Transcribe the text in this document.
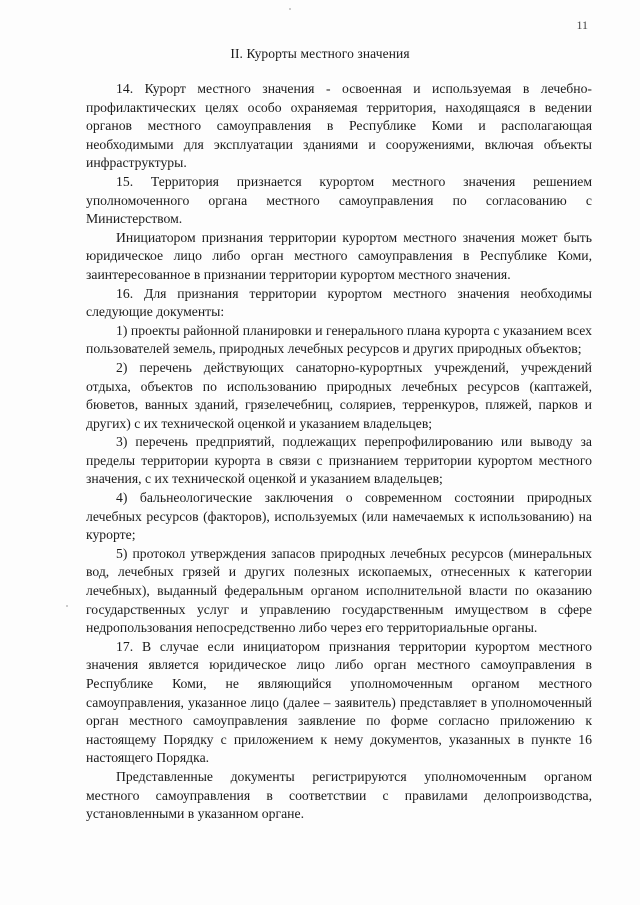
11
II. Курорты местного значения

14. Курорт местного значения - освоенная и используемая в лечебно-профилактических целях особо охраняемая территория, находящаяся в ведении органов местного самоуправления в Республике Коми и располагающая необходимыми для эксплуатации зданиями и сооружениями, включая объекты инфраструктуры.

15. Территория признается курортом местного значения решением уполномоченного органа местного самоуправления по согласованию с Министерством.

Инициатором признания территории курортом местного значения может быть юридическое лицо либо орган местного самоуправления в Республике Коми, заинтересованное в признании территории курортом местного значения.

16. Для признания территории курортом местного значения необходимы следующие документы:

1) проекты районной планировки и генерального плана курорта с указанием всех пользователей земель, природных лечебных ресурсов и других природных объектов;

2) перечень действующих санаторно-курортных учреждений, учреждений отдыха, объектов по использованию природных лечебных ресурсов (каптажей, бюветов, ванных зданий, грязелечебниц, соляриев, терренкуров, пляжей, парков и других) с их технической оценкой и указанием владельцев;

3) перечень предприятий, подлежащих перепрофилированию или выводу за пределы территории курорта в связи с признанием территории курортом местного значения, с их технической оценкой и указанием владельцев;

4) бальнеологические заключения о современном состоянии природных лечебных ресурсов (факторов), используемых (или намечаемых к использованию) на курорте;

5) протокол утверждения запасов природных лечебных ресурсов (минеральных вод, лечебных грязей и других полезных ископаемых, отнесенных к категории лечебных), выданный федеральным органом исполнительной власти по оказанию государственных услуг и управлению государственным имуществом в сфере недропользования непосредственно либо через его территориальные органы.

17. В случае если инициатором признания территории курортом местного значения является юридическое лицо либо орган местного самоуправления в Республике Коми, не являющийся уполномоченным органом местного самоуправления, указанное лицо (далее – заявитель) представляет в уполномоченный орган местного самоуправления заявление по форме согласно приложению к настоящему Порядку с приложением к нему документов, указанных в пункте 16 настоящего Порядка.

Представленные документы регистрируются уполномоченным органом местного самоуправления в соответствии с правилами делопроизводства, установленными в указанном органе.
